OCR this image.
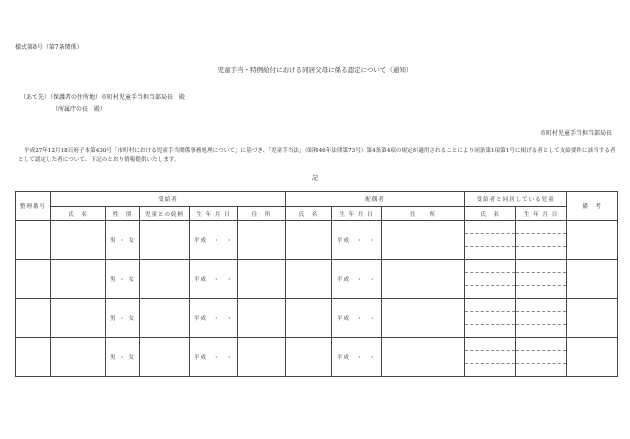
様式第8号（第7条関係）
児童手当・特例給付における同居父母に係る認定について（通知）
（あて先）（保護者の住所地）市町村児童手当担当部局長　殿
（所属庁の長　殿）
市町村児童手当担当部局長
平成27年12月18日府子本第430号「市町村における児童手当関係事務処理について」に基づき、「児童手当法」（昭和46年法律第73号）第4条第4項の規定が適用されることにより同条第1項第1号に掲げる者として支給要件に該当する者として認定した者について、下記のとおり情報提供いたします。
記
整理番号	受給者					配偶者			受給者と同居している児童		備　考
	氏　名	性　別	児童との続柄	生 年 月 日	住　所	氏　名	生 年 月 日	住　　所	氏　名	生 年 月 日	
		男 ・ 女		平成　・　・			平成　・　・		

		男 ・ 女		平成　・　・			平成　・　・		

		男 ・ 女		平成　・　・			平成　・　・		

		男 ・ 女		平成　・　・			平成　・　・		
